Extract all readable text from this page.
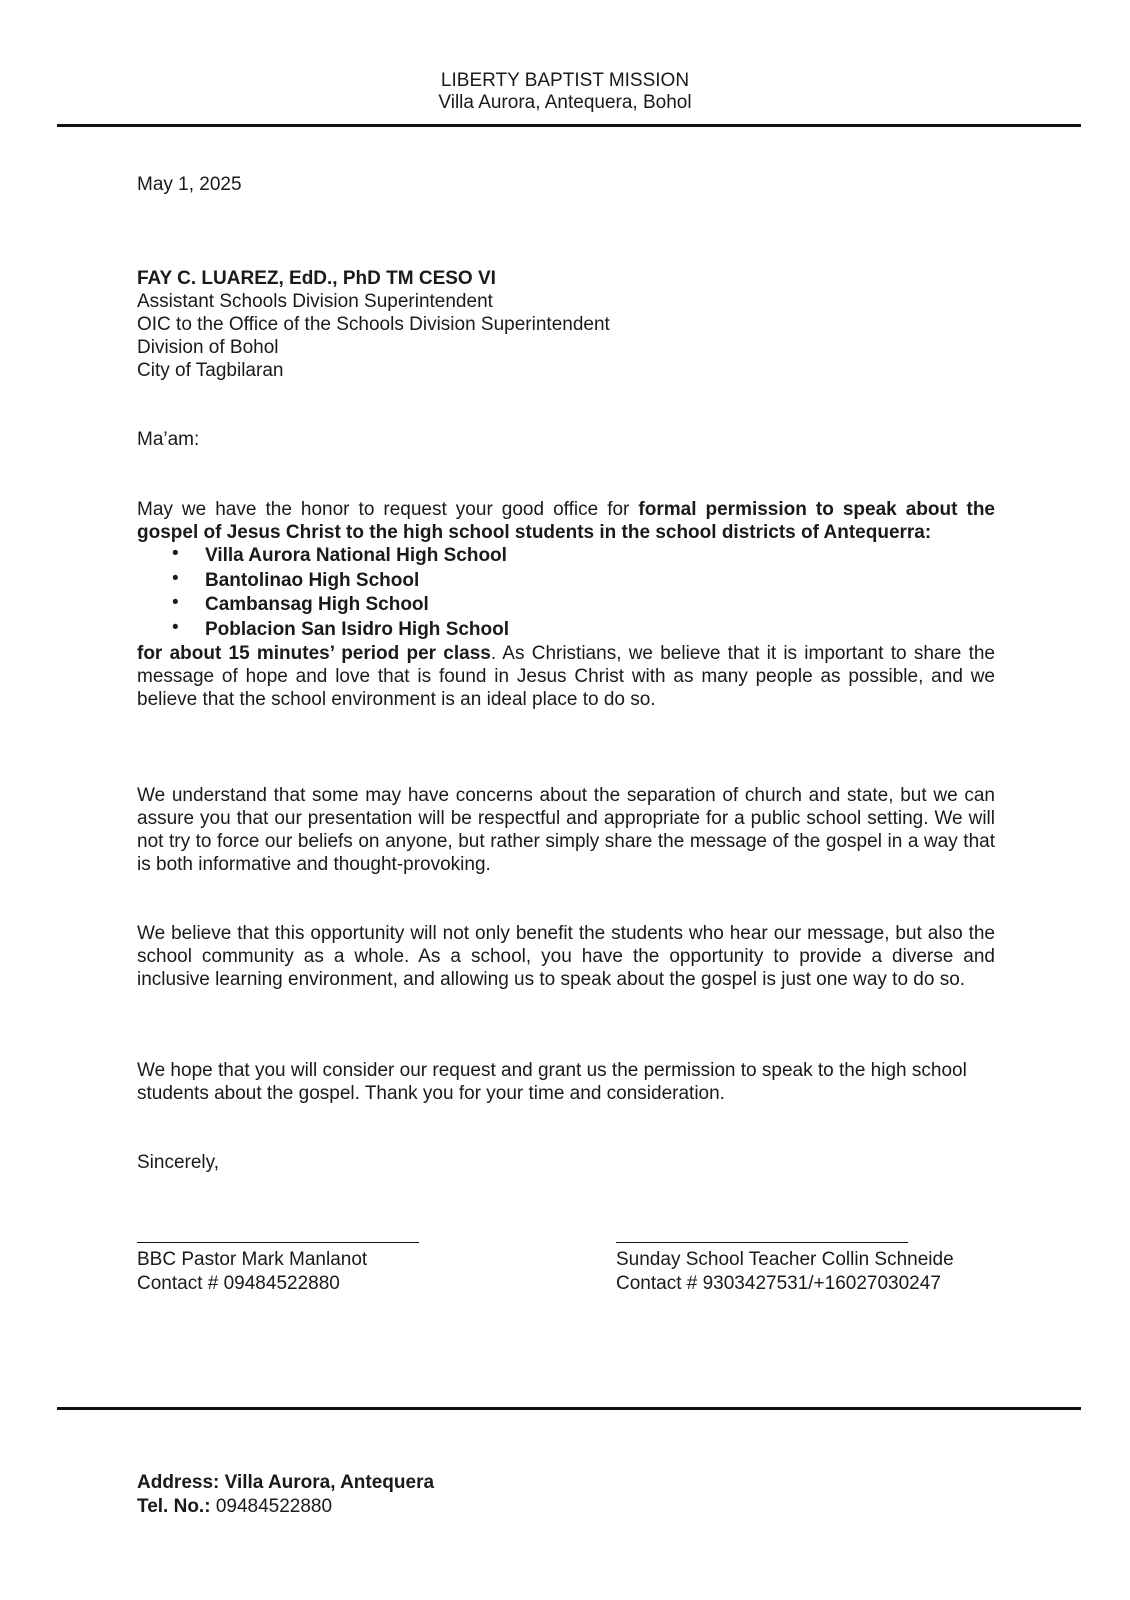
LIBERTY BAPTIST MISSION
Villa Aurora, Antequera, Bohol
May 1, 2025
FAY C. LUAREZ, EdD., PhD TM CESO VI
Assistant Schools Division Superintendent
OIC to the Office of the Schools Division Superintendent
Division of Bohol
City of Tagbilaran
Ma’am:
May we have the honor to request your good office for formal permission to speak about the gospel of Jesus Christ to the high school students in the school districts of Antequerra:
• Villa Aurora National High School
• Bantolinao High School
• Cambansag High School
• Poblacion San Isidro High School
for about 15 minutes’ period per class. As Christians, we believe that it is important to share the message of hope and love that is found in Jesus Christ with as many people as possible, and we believe that the school environment is an ideal place to do so.
We understand that some may have concerns about the separation of church and state, but we can assure you that our presentation will be respectful and appropriate for a public school setting. We will not try to force our beliefs on anyone, but rather simply share the message of the gospel in a way that is both informative and thought-provoking.
We believe that this opportunity will not only benefit the students who hear our message, but also the school community as a whole. As a school, you have the opportunity to provide a diverse and inclusive learning environment, and allowing us to speak about the gospel is just one way to do so.
We hope that you will consider our request and grant us the permission to speak to the high school students about the gospel. Thank you for your time and consideration.
Sincerely,
BBC Pastor Mark Manlanot
Contact # 09484522880
Sunday School Teacher Collin Schneide
Contact # 9303427531/+16027030247
Address: Villa Aurora, Antequera
Tel. No.: 09484522880
